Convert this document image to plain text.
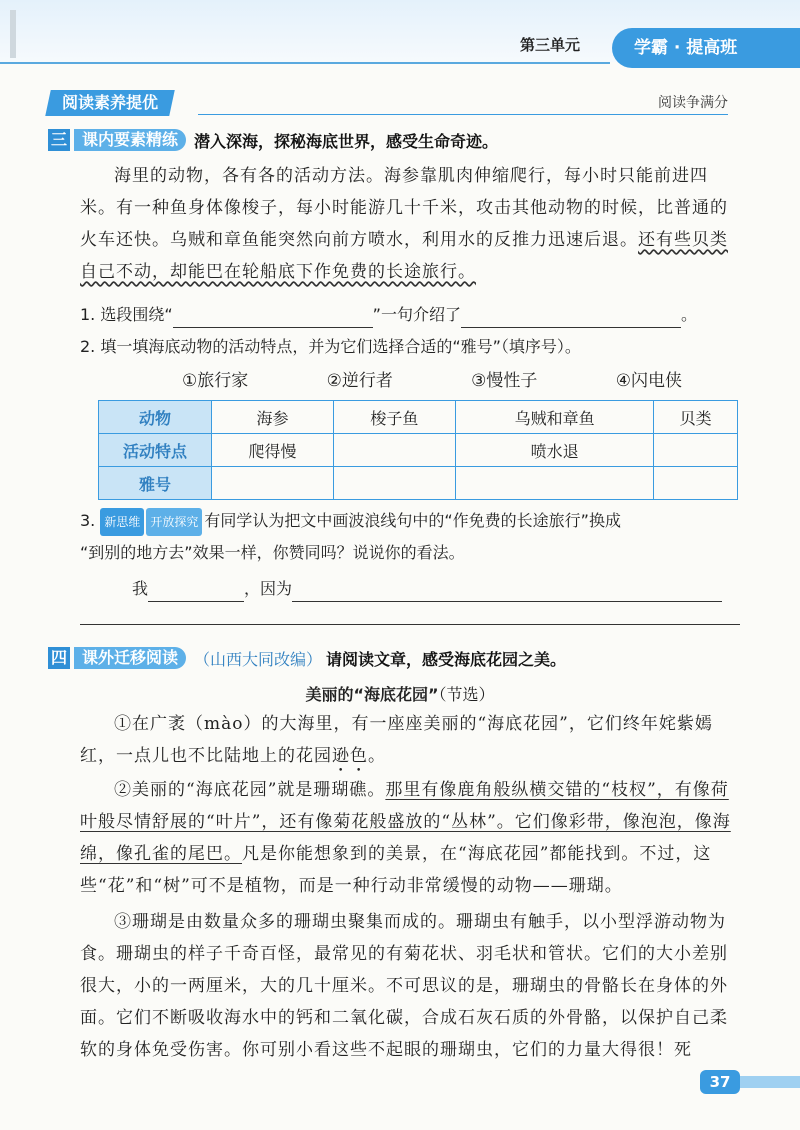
第三单元	学霸 · 提高班
阅读素养提优	阅读争满分
三 课内要素精练	潜入深海，探秘海底世界，感受生命奇迹。
海里的动物，各有各的活动方法。海参靠肌肉伸缩爬行，每小时只能前进四米。有一种鱼身体像梭子，每小时能游几十千米，攻击其他动物的时候，比普通的火车还快。乌贼和章鱼能突然向前方喷水，利用水的反推力迅速后退。还有些贝类自己不动，却能巴在轮船底下作免费的长途旅行。
1. 选段围绕“	”一句介绍了	。
2. 填一填海底动物的活动特点，并为它们选择合适的“雅号”（填序号）。
①旅行家	②逆行者	③慢性子	④闪电侠
动物	海参	梭子鱼	乌贼和章鱼	贝类
活动特点	爬得慢		喷水退	
雅号				
3. 新思维 开放探究 有同学认为把文中画波浪线句中的“作免费的长途旅行”换成
“到别的地方去”效果一样，你赞同吗？说说你的看法。
我	，因为
四 课外迁移阅读	（山西大同改编） 请阅读文章，感受海底花园之美。
美丽的“海底花园”（节选）
①在广袤（mào）的大海里，有一座座美丽的“海底花园”，它们终年姹紫嫣红，一点儿也不比陆地上的花园逊色。
②美丽的“海底花园”就是珊瑚礁。那里有像鹿角般纵横交错的“枝杈”，有像荷叶般尽情舒展的“叶片”，还有像菊花般盛放的“丛林”。它们像彩带，像泡泡，像海绵，像孔雀的尾巴。凡是你能想象到的美景，在“海底花园”都能找到。不过，这些“花”和“树”可不是植物，而是一种行动非常缓慢的动物——珊瑚。
③珊瑚是由数量众多的珊瑚虫聚集而成的。珊瑚虫有触手，以小型浮游动物为食。珊瑚虫的样子千奇百怪，最常见的有菊花状、羽毛状和管状。它们的大小差别很大，小的一两厘米，大的几十厘米。不可思议的是，珊瑚虫的骨骼长在身体的外面。它们不断吸收海水中的钙和二氧化碳，合成石灰石质的外骨骼，以保护自己柔软的身体免受伤害。你可别小看这些不起眼的珊瑚虫，它们的力量大得很！死
37
